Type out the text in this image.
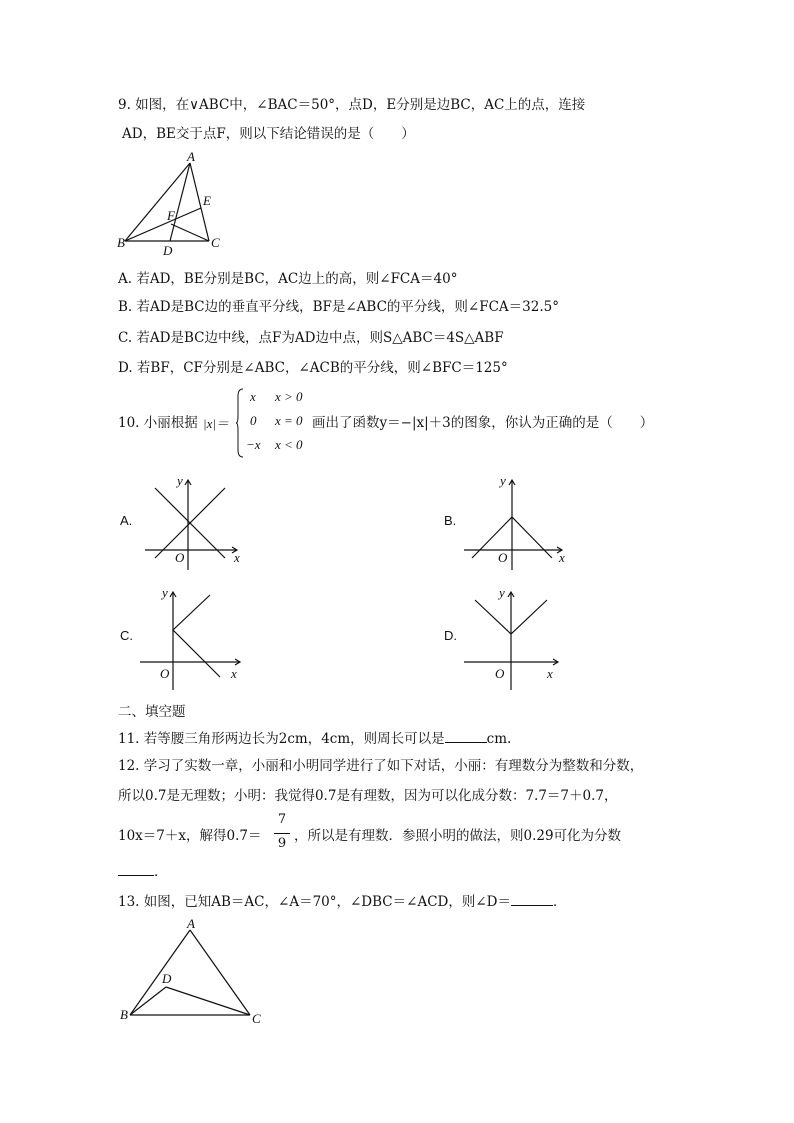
9. 如图，在∨ABC中，∠BAC＝50°，点D，E分别是边BC，AC上的点，连接
AD，BE交于点F，则以下结论错误的是（　　）
A
E
F
B
D
C
A. 若AD，BE分别是BC，AC边上的高，则∠FCA＝40°
B. 若AD是BC边的垂直平分线，BF是∠ABC的平分线，则∠FCA＝32.5°
C. 若AD是BC边中线，点F为AD边中点，则S△ABC＝4S△ABF
D. 若BF，CF分别是∠ABC，∠ACB的平分线，则∠BFC＝125°
10. 小丽根据 |x|＝
x x > 0
0 x = 0
−x x < 0
画出了函数y＝−|x|＋3的图象，你认为正确的是（　　）
A.
y
O	x
B.
y
O	x
C.
y
O	x
D.
y
O	x
二、填空题
11. 若等腰三角形两边长为2cm，4cm，则周长可以是	cm.
12. 学习了实数一章，小丽和小明同学进行了如下对话，小丽：有理数分为整数和分数，
所以0.7̇是无理数；小明：我觉得0.7̇是有理数，因为可以化成分数：7.7̇＝7＋0.7̇，
10x＝7＋x，解得0.7̇＝
7
9 ，所以是有理数．参照小明的做法，则0.2̇9̇可化为分数
．
13. 如图，已知AB＝AC，∠A＝70°，∠DBC＝∠ACD，则∠D＝	．
A
D
B	C
